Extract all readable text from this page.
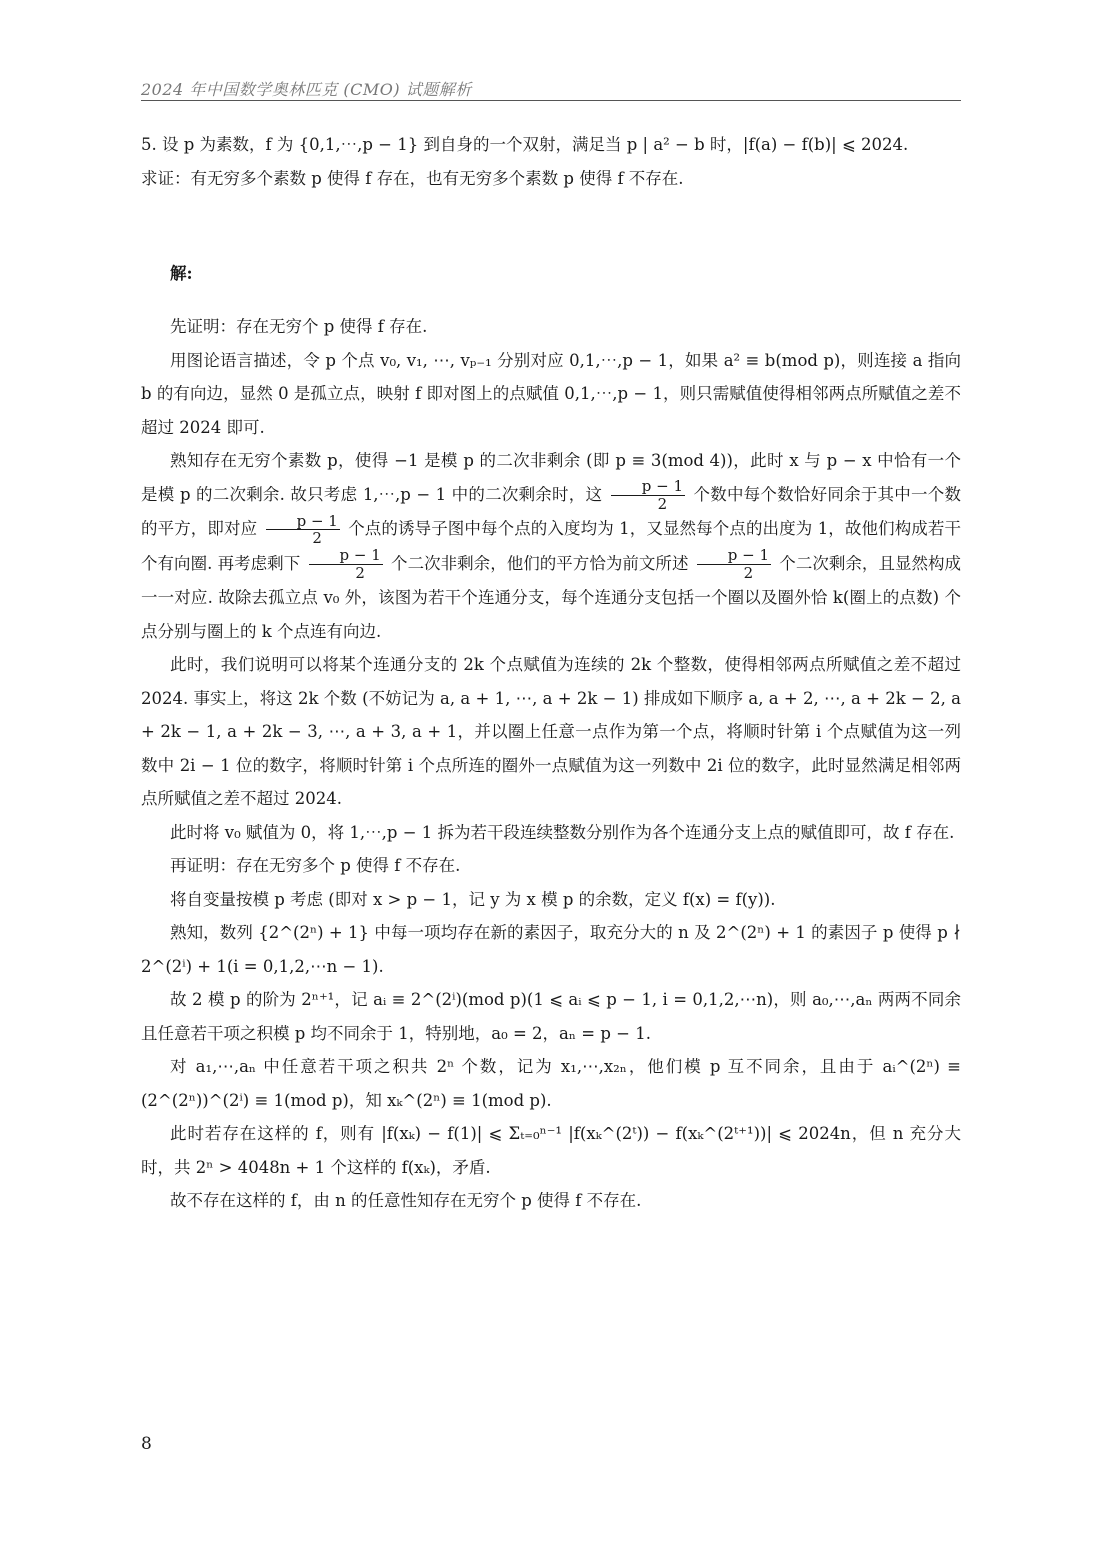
2024 年中国数学奥林匹克 (CMO) 试题解析

5. 设 p 为素数，f 为 {0,1,⋯,p − 1} 到自身的一个双射，满足当 p | a² − b 时，|f(a) − f(b)| ⩽ 2024.

求证：有无穷多个素数 p 使得 f 存在，也有无穷多个素数 p 使得 f 不存在.

解:

先证明：存在无穷个 p 使得 f 存在.

用图论语言描述，令 p 个点 v₀, v₁, ⋯, vₚ₋₁ 分别对应 0,1,⋯,p − 1，如果 a² ≡ b(mod p)，则连接 a 指向 b 的有向边，显然 0 是孤立点，映射 f 即对图上的点赋值 0,1,⋯,p − 1，则只需赋值使得相邻两点所赋值之差不超过 2024 即可.

熟知存在无穷个素数 p，使得 −1 是模 p 的二次非剩余 (即 p ≡ 3(mod 4))，此时 x 与 p − x 中恰有一个是模 p 的二次剩余. 故只考虑 1,⋯,p − 1 中的二次剩余时，这 $\frac{p - 1}{2}$ 个数中每个数恰好同余于其中一个数的平方，即对应 $\frac{p - 1}{2}$ 个点的诱导子图中每个点的入度均为 1，又显然每个点的出度为 1，故他们构成若干个有向圈. 再考虑剩下 $\frac{p - 1}{2}$ 个二次非剩余，他们的平方恰为前文所述 $\frac{p - 1}{2}$ 个二次剩余，且显然构成一一对应. 故除去孤立点 v₀ 外，该图为若干个连通分支，每个连通分支包括一个圈以及圈外恰 k(圈上的点数) 个点分别与圈上的 k 个点连有向边.

此时，我们说明可以将某个连通分支的 2k 个点赋值为连续的 2k 个整数，使得相邻两点所赋值之差不超过 2024. 事实上，将这 2k 个数 (不妨记为 a, a + 1, ⋯, a + 2k − 1) 排成如下顺序 a, a + 2, ⋯, a + 2k − 2, a + 2k − 1, a + 2k − 3, ⋯, a + 3, a + 1，并以圈上任意一点作为第一个点，将顺时针第 i 个点赋值为这一列数中 2i − 1 位的数字，将顺时针第 i 个点所连的圈外一点赋值为这一列数中 2i 位的数字，此时显然满足相邻两点所赋值之差不超过 2024.

此时将 v₀ 赋值为 0，将 1,⋯,p − 1 拆为若干段连续整数分别作为各个连通分支上点的赋值即可，故 f 存在.

再证明：存在无穷多个 p 使得 f 不存在.

将自变量按模 p 考虑 (即对 x > p − 1，记 y 为 x 模 p 的余数，定义 f(x) = f(y)).

熟知，数列 {2^(2ⁿ) + 1} 中每一项均存在新的素因子，取充分大的 n 及 2^(2ⁿ) + 1 的素因子 p 使得 p ∤ 2^(2ⁱ) + 1(i = 0,1,2,⋯n − 1).

故 2 模 p 的阶为 2ⁿ⁺¹，记 aᵢ ≡ 2^(2ⁱ)(mod p)(1 ⩽ aᵢ ⩽ p − 1, i = 0,1,2,⋯n)，则 a₀,⋯,aₙ 两两不同余且任意若干项之积模 p 均不同余于 1，特别地，a₀ = 2，aₙ = p − 1.

对 a₁,⋯,aₙ 中任意若干项之积共 2ⁿ 个数，记为 x₁,⋯,x₂ₙ，他们模 p 互不同余，且由于 aᵢ^(2ⁿ) ≡ (2^(2ⁿ))^(2ⁱ) ≡ 1(mod p)，知 xₖ^(2ⁿ) ≡ 1(mod p).

此时若存在这样的 f，则有 |f(xₖ) − f(1)| ⩽ Σₜ₌₀ⁿ⁻¹ |f(xₖ^(2ᵗ)) − f(xₖ^(2ᵗ⁺¹))| ⩽ 2024n，但 n 充分大时，共 2ⁿ > 4048n + 1 个这样的 f(xₖ)，矛盾.

故不存在这样的 f，由 n 的任意性知存在无穷个 p 使得 f 不存在.

8
